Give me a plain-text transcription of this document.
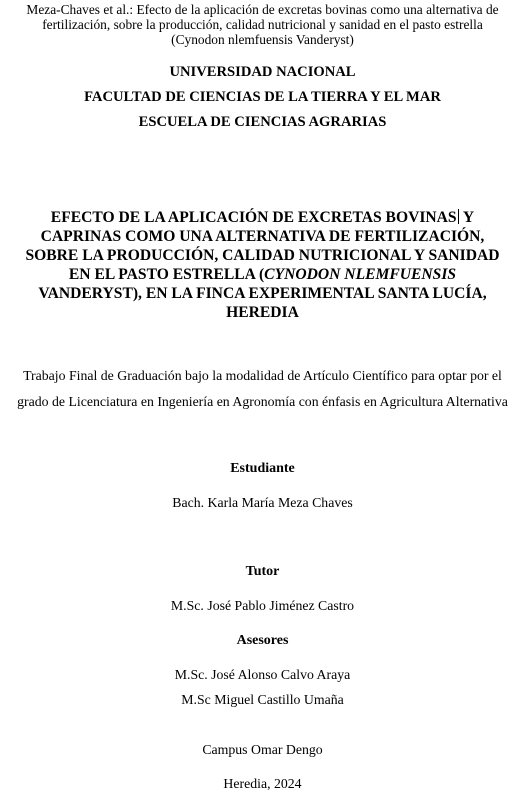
Meza-Chaves et al.: Efecto de la aplicación de excretas bovinas como una alternativa de
fertilización, sobre la producción, calidad nutricional y sanidad en el pasto estrella
(Cynodon nlemfuensis Vanderyst)
UNIVERSIDAD NACIONAL
FACULTAD DE CIENCIAS DE LA TIERRA Y EL MAR
ESCUELA DE CIENCIAS AGRARIAS
EFECTO DE LA APLICACIÓN DE EXCRETAS BOVINAS Y
CAPRINAS COMO UNA ALTERNATIVA DE FERTILIZACIÓN,
SOBRE LA PRODUCCIÓN, CALIDAD NUTRICIONAL Y SANIDAD
EN EL PASTO ESTRELLA (CYNODON NLEMFUENSIS
VANDERYST), EN LA FINCA EXPERIMENTAL SANTA LUCÍA,
HEREDIA
Trabajo Final de Graduación bajo la modalidad de Artículo Científico para optar por el
grado de Licenciatura en Ingeniería en Agronomía con énfasis en Agricultura Alternativa
Estudiante
Bach. Karla María Meza Chaves
Tutor
M.Sc. José Pablo Jiménez Castro
Asesores
M.Sc. José Alonso Calvo Araya
M.Sc Miguel Castillo Umaña
Campus Omar Dengo
Heredia, 2024
